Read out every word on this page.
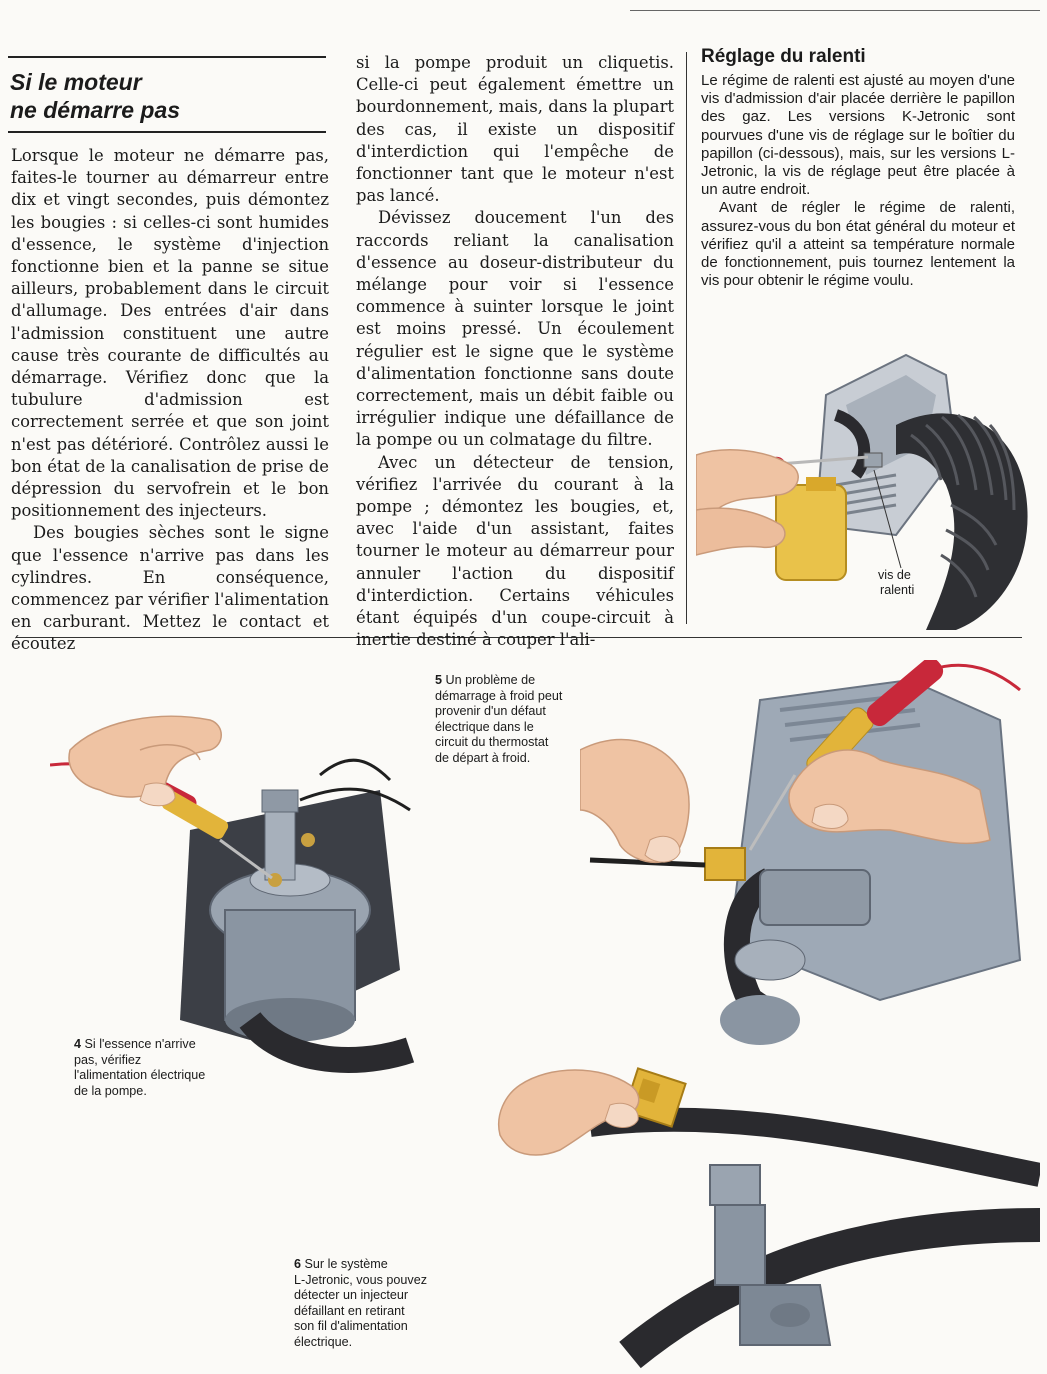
Si le moteur
ne démarre pas

Lorsque le moteur ne démarre pas, faites-le tourner au démarreur entre dix et vingt secondes, puis démontez les bougies : si celles-ci sont humides d'essence, le système d'injection fonctionne bien et la panne se situe ailleurs, probablement dans le circuit d'allumage. Des entrées d'air dans l'admission constituent une autre cause très courante de difficultés au démarrage. Vérifiez donc que la tubulure d'admission est correctement serrée et que son joint n'est pas détérioré. Contrôlez aussi le bon état de la canalisation de prise de dépression du servofrein et le bon positionnement des injecteurs.

Des bougies sèches sont le signe que l'essence n'arrive pas dans les cylindres. En conséquence, commencez par vérifier l'alimentation en carburant. Mettez le contact et écoutez

si la pompe produit un cliquetis. Celle-ci peut également émettre un bourdonnement, mais, dans la plupart des cas, il existe un dispositif d'interdiction qui l'empêche de fonctionner tant que le moteur n'est pas lancé.

Dévissez doucement l'un des raccords reliant la canalisation d'essence au doseur-distributeur du mélange pour voir si l'essence commence à suinter lorsque le joint est moins pressé. Un écoulement régulier est le signe que le système d'alimentation fonctionne sans doute correctement, mais un débit faible ou irrégulier indique une défaillance de la pompe ou un colmatage du filtre.

Avec un détecteur de tension, vérifiez l'arrivée du courant à la pompe ; démontez les bougies, et, avec l'aide d'un assistant, faites tourner le moteur au démarreur pour annuler l'action du dispositif d'interdiction. Certains véhicules étant équipés d'un coupe-circuit à inertie destiné à couper l'ali-

Réglage du ralenti

Le régime de ralenti est ajusté au moyen d'une vis d'admission d'air placée derrière le papillon des gaz. Les versions K-Jetronic sont pourvues d'une vis de réglage sur le boîtier du papillon (ci-dessous), mais, sur les versions L-Jetronic, la vis de réglage peut être placée à un autre endroit.

Avant de régler le régime de ralenti, assurez-vous du bon état général du moteur et vérifiez qu'il a atteint sa température normale de fonctionnement, puis tournez lentement la vis pour obtenir le régime voulu.

vis de
ralenti
4 Si l'essence n'arrive
pas, vérifiez
l'alimentation électrique
de la pompe.
5 Un problème de
démarrage à froid peut
provenir d'un défaut
électrique dans le
circuit du thermostat
de départ à froid.
6 Sur le système
L-Jetronic, vous pouvez
détecter un injecteur
défaillant en retirant
son fil d'alimentation
électrique.
